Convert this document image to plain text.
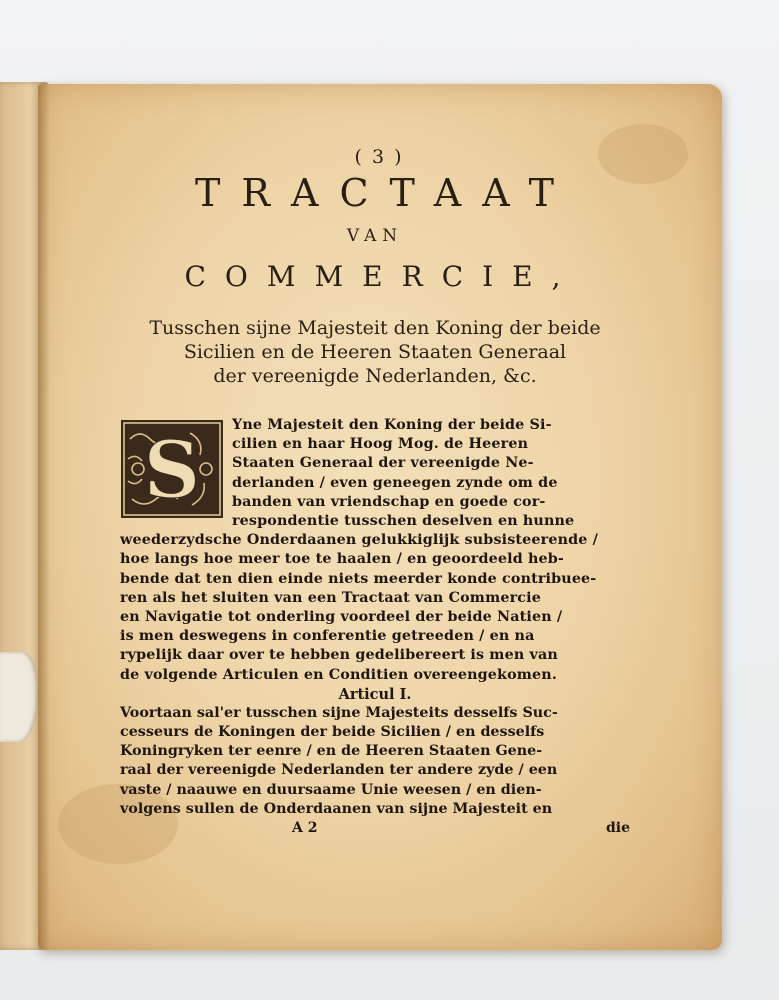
( 3 )
TRACTAAT
VAN
COMMERCIE,
Tusschen sijne Majesteit den Koning der beide
Sicilien en de Heeren Staaten Generaal
der vereenigde Nederlanden, &c.
S	Yne Majesteit den Koning der beide Si-
cilien en haar Hoog Mog. de Heeren
Staaten Generaal der vereenigde Ne-
derlanden / even geneegen zynde om de
banden van vriendschap en goede cor-
respondentie tusschen deselven en hunne
weederzydsche Onderdaanen gelukkiglijk subsisteerende /
hoe langs hoe meer toe te haalen / en geoordeeld heb-
bende dat ten dien einde niets meerder konde contribuee-
ren als het sluiten van een Tractaat van Commercie
en Navigatie tot onderling voordeel der beide Natien /
is men deswegens in conferentie getreeden / en na
rypelijk daar over te hebben gedelibereert is men van
de volgende Articulen en Conditien overeengekomen.
Articul I.
Voortaan sal'er tusschen sijne Majesteits desselfs Suc-
cesseurs de Koningen der beide Sicilien / en desselfs
Koningryken ter eenre / en de Heeren Staaten Gene-
raal der vereenigde Nederlanden ter andere zyde / een
vaste / naauwe en duursaame Unie weesen / en dien-
volgens sullen de Onderdaanen van sijne Majesteit en
A 2	die
